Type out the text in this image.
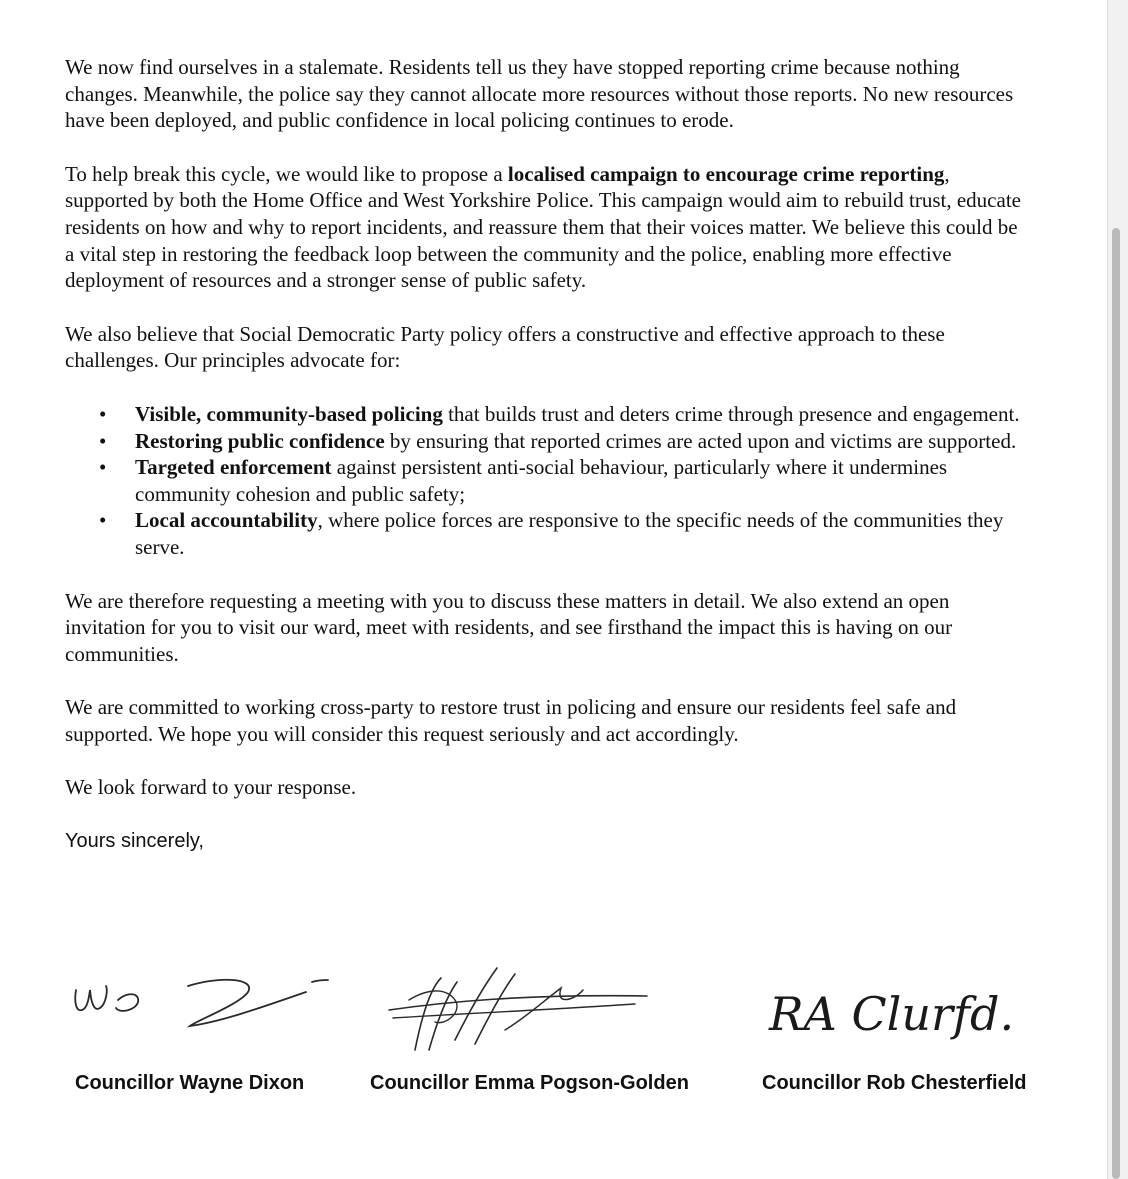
We now find ourselves in a stalemate. Residents tell us they have stopped reporting crime because nothing changes. Meanwhile, the police say they cannot allocate more resources without those reports. No new resources have been deployed, and public confidence in local policing continues to erode.

To help break this cycle, we would like to propose a localised campaign to encourage crime reporting, supported by both the Home Office and West Yorkshire Police. This campaign would aim to rebuild trust, educate residents on how and why to report incidents, and reassure them that their voices matter. We believe this could be a vital step in restoring the feedback loop between the community and the police, enabling more effective deployment of resources and a stronger sense of public safety.

We also believe that Social Democratic Party policy offers a constructive and effective approach to these challenges. Our principles advocate for:

• Visible, community-based policing that builds trust and deters crime through presence and engagement.
• Restoring public confidence by ensuring that reported crimes are acted upon and victims are supported.
• Targeted enforcement against persistent anti-social behaviour, particularly where it undermines community cohesion and public safety;
• Local accountability, where police forces are responsive to the specific needs of the communities they serve.

We are therefore requesting a meeting with you to discuss these matters in detail. We also extend an open invitation for you to visit our ward, meet with residents, and see firsthand the impact this is having on our communities.

We are committed to working cross-party to restore trust in policing and ensure our residents feel safe and supported. We hope you will consider this request seriously and act accordingly.

We look forward to your response.

Yours sincerely,

RA Clurfd.
Councillor Wayne Dixon	Councillor Emma Pogson-Golden	Councillor Rob Chesterfield
